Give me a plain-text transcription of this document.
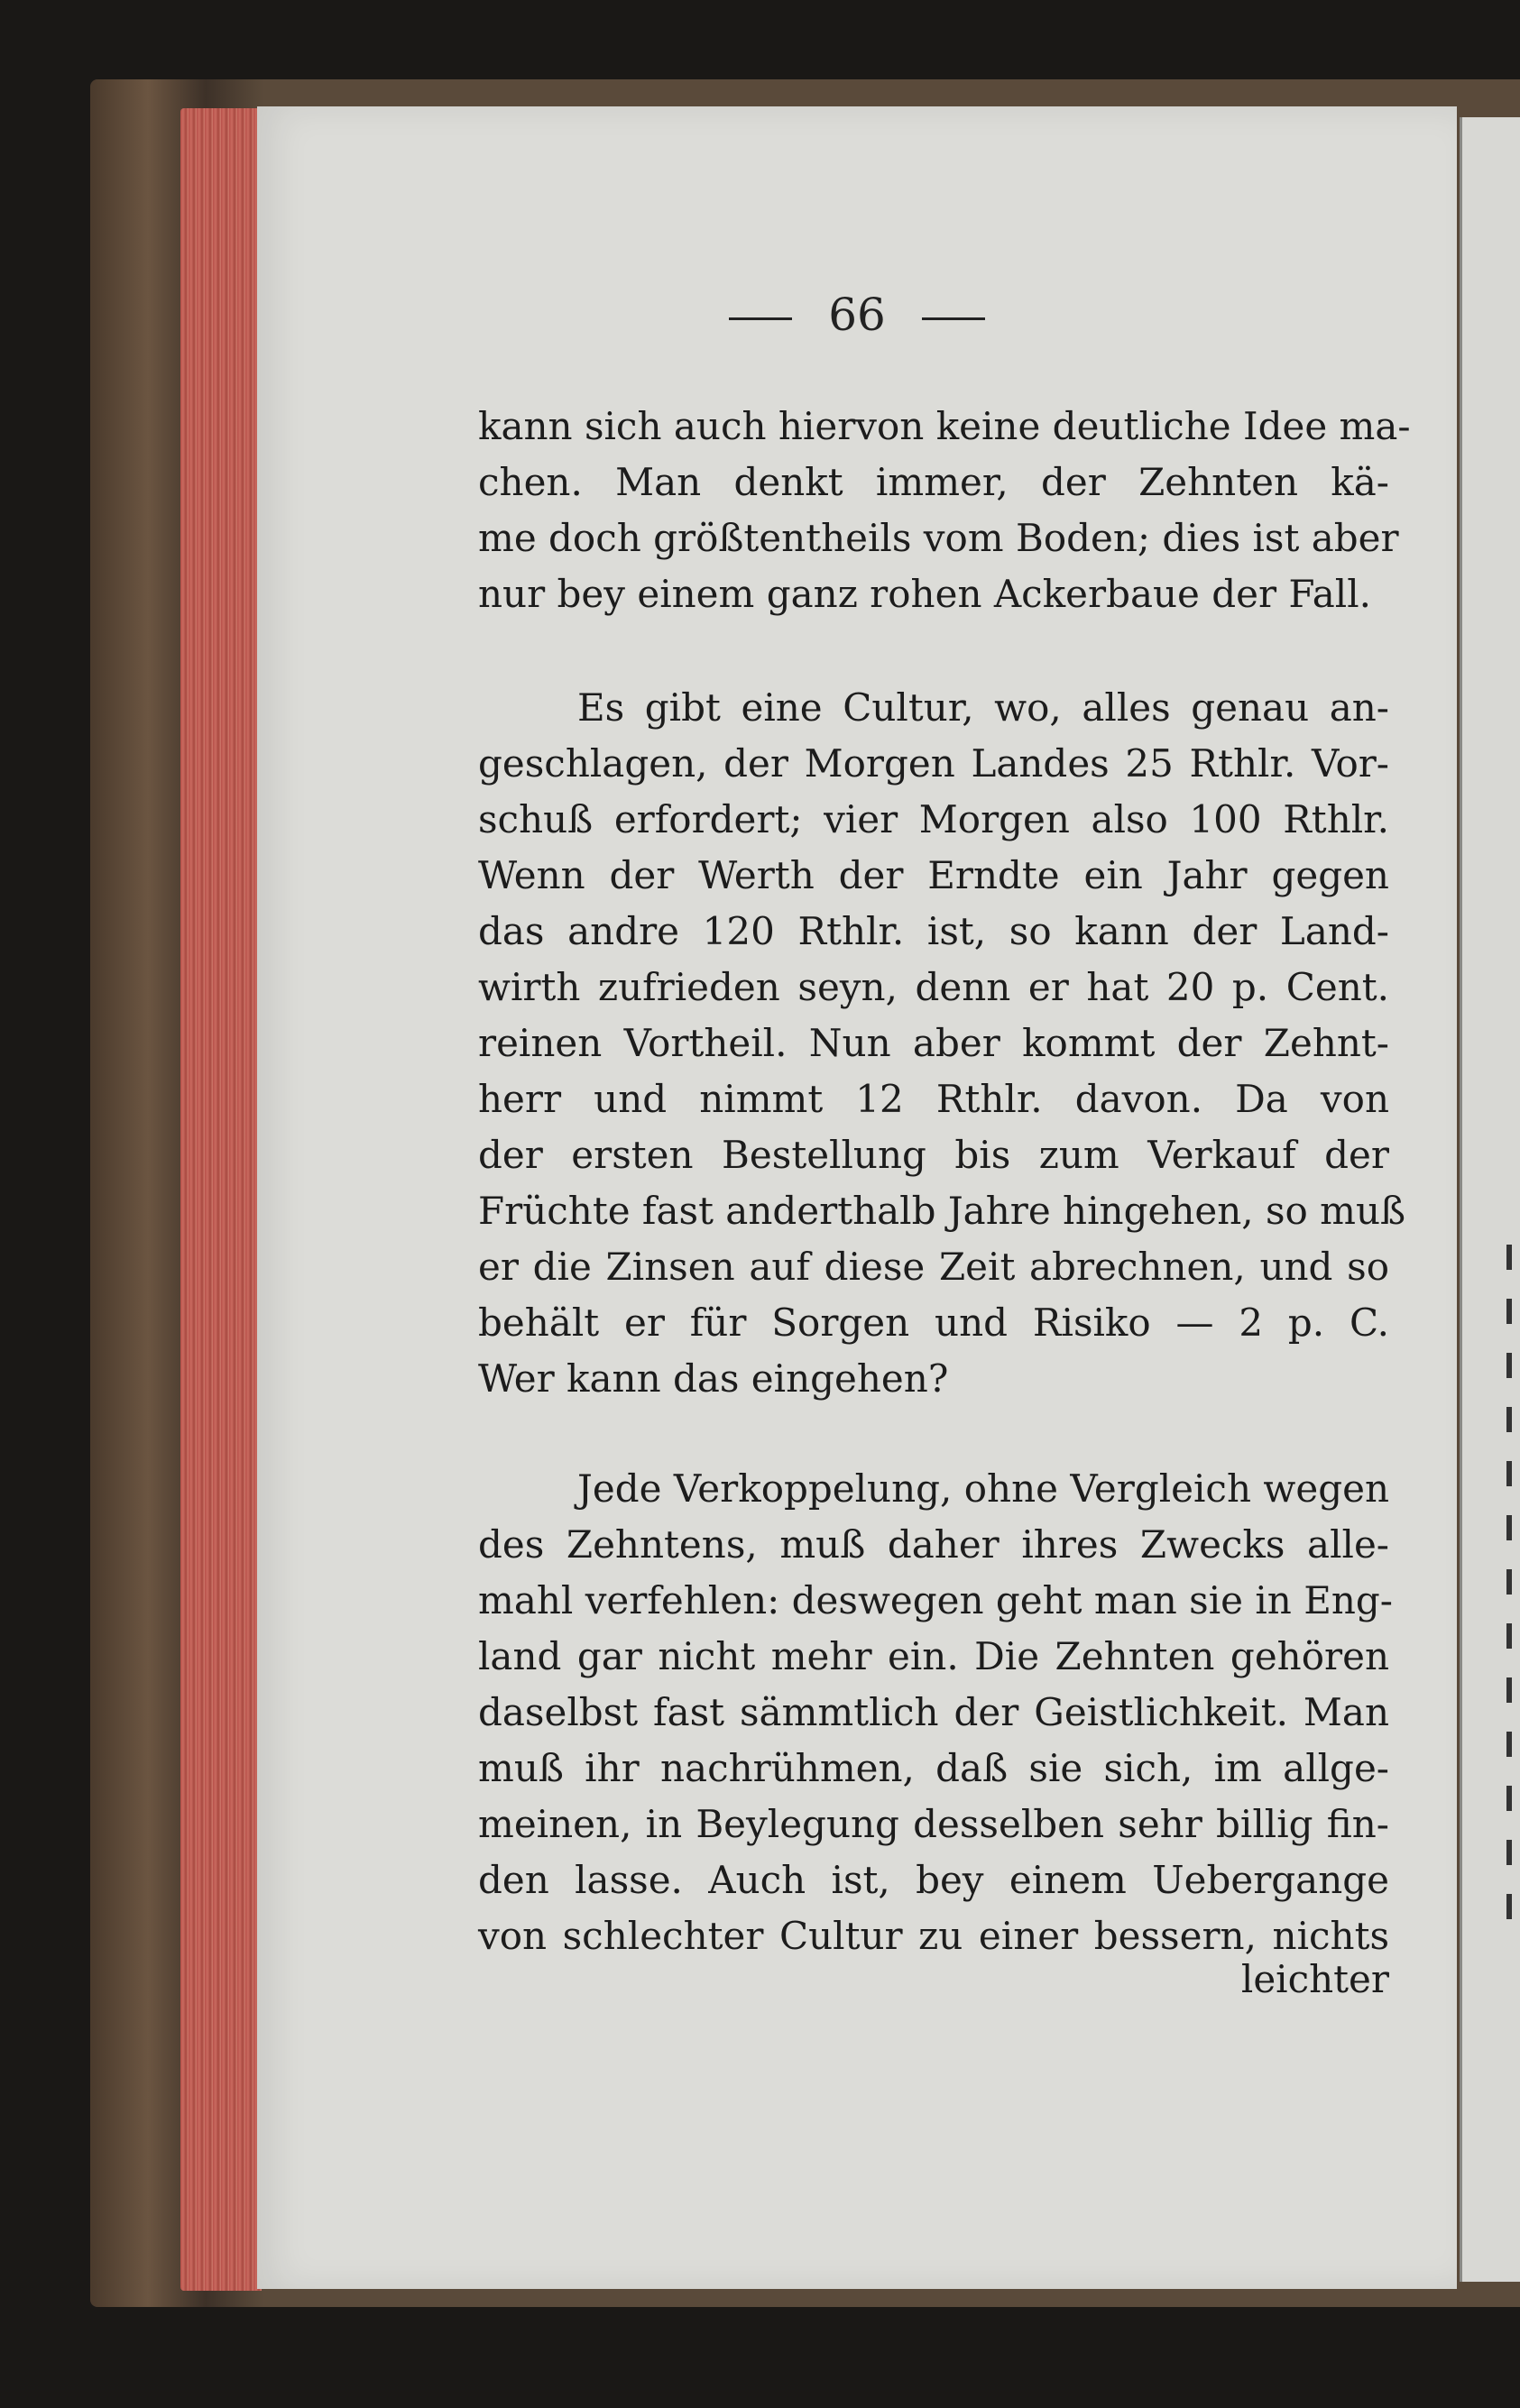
66
kann sich auch hiervon keine deutliche Idee ma-
chen. Man denkt immer, der Zehnten kä-
me doch größtentheils vom Boden; dies ist aber
nur bey einem ganz rohen Ackerbaue der Fall.
Es gibt eine Cultur, wo, alles genau an-
geschlagen, der Morgen Landes 25 Rthlr. Vor-
schuß erfordert; vier Morgen also 100 Rthlr.
Wenn der Werth der Erndte ein Jahr gegen
das andre 120 Rthlr. ist, so kann der Land-
wirth zufrieden seyn, denn er hat 20 p. Cent.
reinen Vortheil. Nun aber kommt der Zehnt-
herr und nimmt 12 Rthlr. davon. Da von
der ersten Bestellung bis zum Verkauf der
Früchte fast anderthalb Jahre hingehen, so muß
er die Zinsen auf diese Zeit abrechnen, und so
behält er für Sorgen und Risiko — 2 p. C.
Wer kann das eingehen?
Jede Verkoppelung, ohne Vergleich wegen
des Zehntens, muß daher ihres Zwecks alle-
mahl verfehlen: deswegen geht man sie in Eng-
land gar nicht mehr ein. Die Zehnten gehören
daselbst fast sämmtlich der Geistlichkeit. Man
muß ihr nachrühmen, daß sie sich, im allge-
meinen, in Beylegung desselben sehr billig fin-
den lasse. Auch ist, bey einem Uebergange
von schlechter Cultur zu einer bessern, nichts
leichter
